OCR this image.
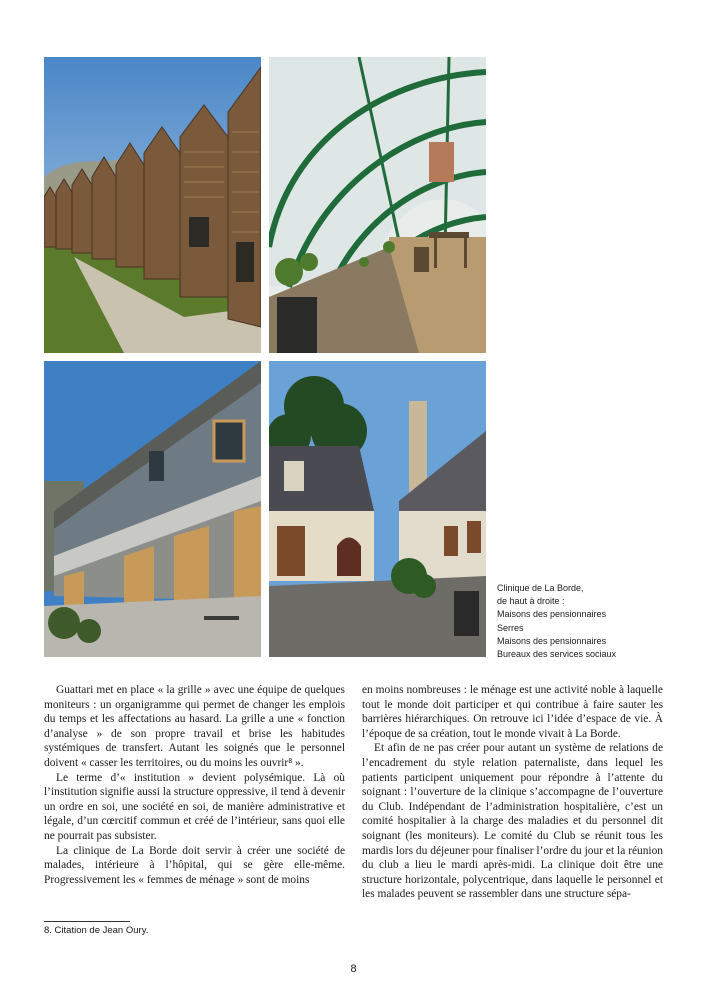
Clinique de La Borde,
de haut à droite :
Maisons des pensionnaires
Serres
Maisons des pensionnaires
Bureaux des services sociaux

Guattari met en place « la grille » avec une équipe de quelques moniteurs : un organigramme qui permet de changer les emplois du temps et les affectations au hasard. La grille a une « fonction d’analyse » de son propre travail et brise les habitudes systémiques de transfert. Autant les soignés que le personnel doivent « casser les territoires, ou du moins les ouvrir⁸ ».

Le terme d’« institution » devient polysémique. Là où l’institution signifie aussi la structure oppressive, il tend à devenir un ordre en soi, une société en soi, de manière administrative et légale, d’un cœrcitif commun et créé de l’intérieur, sans quoi elle ne pourrait pas subsister.

La clinique de La Borde doit servir à créer une société de malades, intérieure à l’hôpital, qui se gère elle-même. Progressivement les « femmes de ménage » sont de moins

en moins nombreuses : le ménage est une activité noble à laquelle tout le monde doit participer et qui contribue à faire sauter les barrières hiérarchiques. On retrouve ici l’idée d’espace de vie. À l’époque de sa création, tout le monde vivait à La Borde.

Et afin de ne pas créer pour autant un système de relations de l’encadrement du style relation paternaliste, dans lequel les patients participent uniquement pour répondre à l’attente du soignant : l’ouverture de la clinique s’accompagne de l’ouverture du Club. Indépendant de l’administration hospitalière, c’est un comité hospitalier à la charge des maladies et du personnel dit soignant (les moniteurs). Le comité du Club se réunit tous les mardis lors du déjeuner pour finaliser l’ordre du jour et la réunion du club a lieu le mardi après-midi. La clinique doit être une structure horizontale, polycentrique, dans laquelle le personnel et les malades peuvent se rassembler dans une structure sépa-

8. Citation de Jean Oury.
8
